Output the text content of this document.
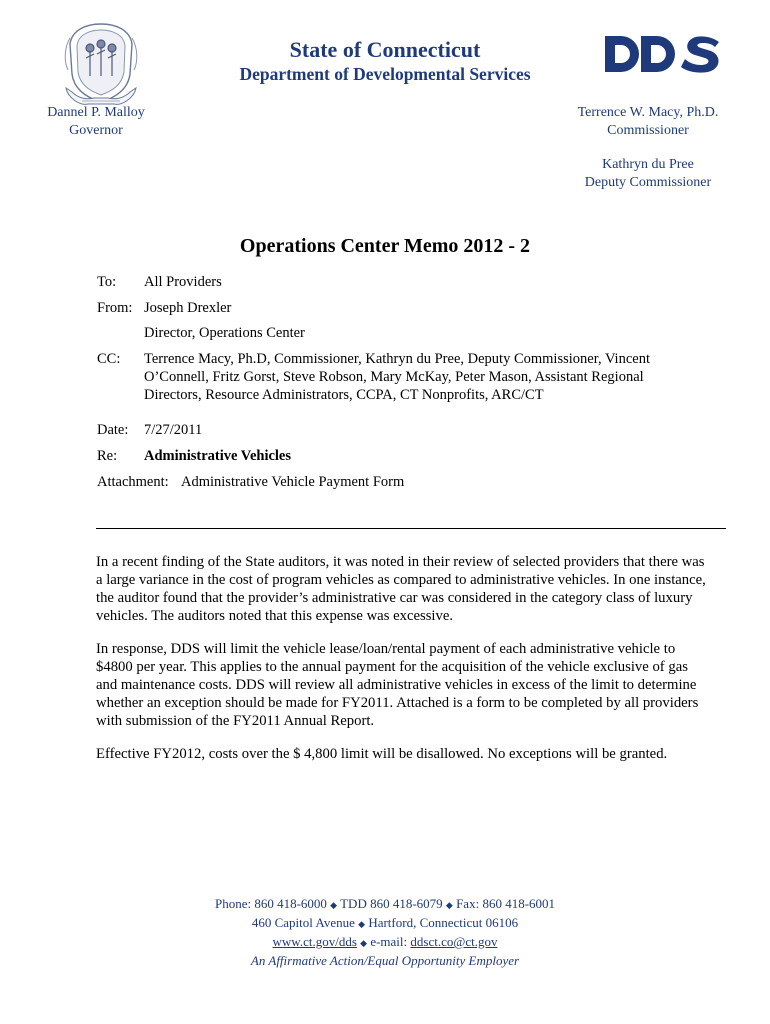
State of Connecticut
Department of Developmental Services
Dannel P. Malloy
Governor
Terrence W. Macy, Ph.D.
Commissioner
Kathryn du Pree
Deputy Commissioner
Operations Center Memo 2012 - 2
To: All Providers
From: Joseph Drexler
Director, Operations Center
CC: Terrence Macy, Ph.D, Commissioner, Kathryn du Pree, Deputy Commissioner, Vincent
O’Connell, Fritz Gorst, Steve Robson, Mary McKay, Peter Mason, Assistant Regional
Directors, Resource Administrators, CCPA, CT Nonprofits, ARC/CT
Date: 7/27/2011
Re: Administrative Vehicles
Attachment: Administrative Vehicle Payment Form

In a recent finding of the State auditors, it was noted in their review of selected providers that there was
a large variance in the cost of program vehicles as compared to administrative vehicles. In one instance,
the auditor found that the provider’s administrative car was considered in the category class of luxury
vehicles. The auditors noted that this expense was excessive.

In response, DDS will limit the vehicle lease/loan/rental payment of each administrative vehicle to
$4800 per year. This applies to the annual payment for the acquisition of the vehicle exclusive of gas
and maintenance costs. DDS will review all administrative vehicles in excess of the limit to determine
whether an exception should be made for FY2011. Attached is a form to be completed by all providers
with submission of the FY2011 Annual Report.

Effective FY2012, costs over the $ 4,800 limit will be disallowed. No exceptions will be granted.

Phone: 860 418-6000 ◆ TDD 860 418-6079 ◆ Fax: 860 418-6001
460 Capitol Avenue ◆ Hartford, Connecticut 06106
www.ct.gov/dds ◆ e-mail: ddsct.co@ct.gov
An Affirmative Action/Equal Opportunity Employer
